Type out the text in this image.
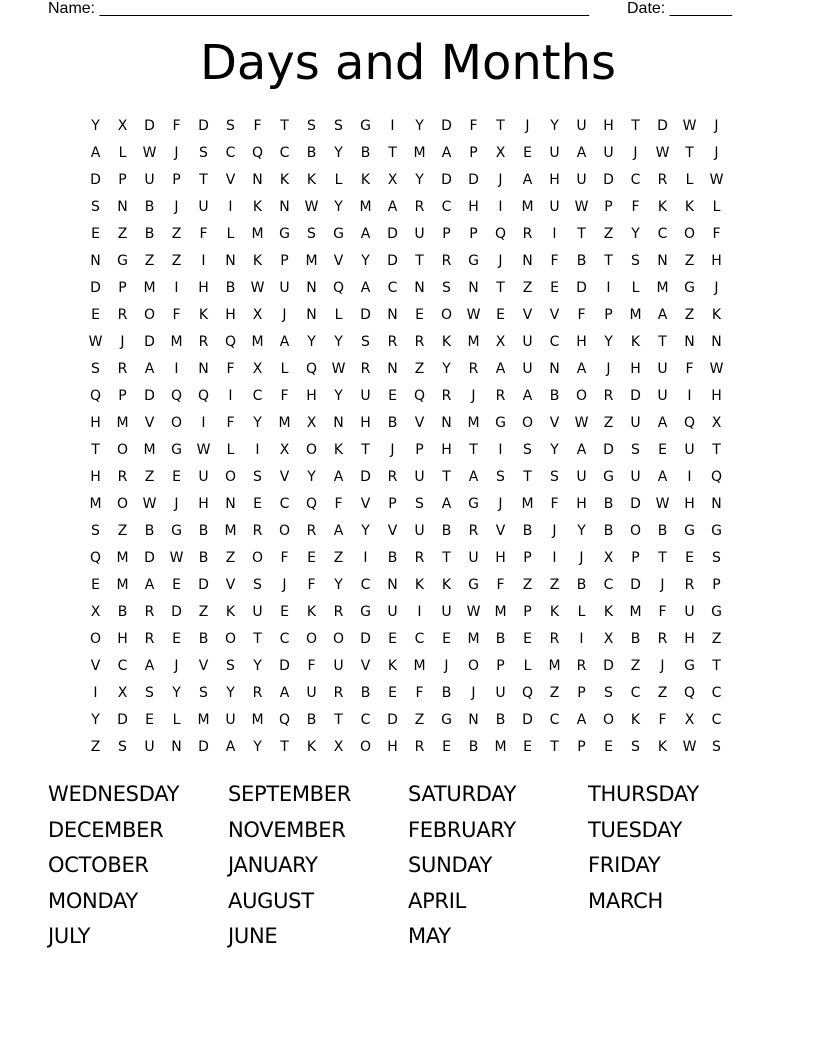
Name: _______________________________________________________ Date: _______
Days and Months
Y	X	D	F	D	S	F	T	S	S	G	I	Y	D	F	T	J	Y	U	H	T	D	W	J
A	L	W	J	S	C	Q	C	B	Y	B	T	M	A	P	X	E	U	A	U	J	W	T	J
D	P	U	P	T	V	N	K	K	L	K	X	Y	D	D	J	A	H	U	D	C	R	L	W
S	N	B	J	U	I	K	N	W	Y	M	A	R	C	H	I	M	U	W	P	F	K	K	L
E	Z	B	Z	F	L	M	G	S	G	A	D	U	P	P	Q	R	I	T	Z	Y	C	O	F
N	G	Z	Z	I	N	K	P	M	V	Y	D	T	R	G	J	N	F	B	T	S	N	Z	H
D	P	M	I	H	B	W	U	N	Q	A	C	N	S	N	T	Z	E	D	I	L	M	G	J
E	R	O	F	K	H	X	J	N	L	D	N	E	O	W	E	V	V	F	P	M	A	Z	K
W	J	D	M	R	Q	M	A	Y	Y	S	R	R	K	M	X	U	C	H	Y	K	T	N	N
S	R	A	I	N	F	X	L	Q	W	R	N	Z	Y	R	A	U	N	A	J	H	U	F	W
Q	P	D	Q	Q	I	C	F	H	Y	U	E	Q	R	J	R	A	B	O	R	D	U	I	H
H	M	V	O	I	F	Y	M	X	N	H	B	V	N	M	G	O	V	W	Z	U	A	Q	X
T	O	M	G	W	L	I	X	O	K	T	J	P	H	T	I	S	Y	A	D	S	E	U	T
H	R	Z	E	U	O	S	V	Y	A	D	R	U	T	A	S	T	S	U	G	U	A	I	Q
M	O	W	J	H	N	E	C	Q	F	V	P	S	A	G	J	M	F	H	B	D	W	H	N
S	Z	B	G	B	M	R	O	R	A	Y	V	U	B	R	V	B	J	Y	B	O	B	G	G
Q	M	D	W	B	Z	O	F	E	Z	I	B	R	T	U	H	P	I	J	X	P	T	E	S
E	M	A	E	D	V	S	J	F	Y	C	N	K	K	G	F	Z	Z	B	C	D	J	R	P
X	B	R	D	Z	K	U	E	K	R	G	U	I	U	W	M	P	K	L	K	M	F	U	G
O	H	R	E	B	O	T	C	O	O	D	E	C	E	M	B	E	R	I	X	B	R	H	Z
V	C	A	J	V	S	Y	D	F	U	V	K	M	J	O	P	L	M	R	D	Z	J	G	T
I	X	S	Y	S	Y	R	A	U	R	B	E	F	B	J	U	Q	Z	P	S	C	Z	Q	C
Y	D	E	L	M	U	M	Q	B	T	C	D	Z	G	N	B	D	C	A	O	K	F	X	C
Z	S	U	N	D	A	Y	T	K	X	O	H	R	E	B	M	E	T	P	E	S	K	W	S
WEDNESDAY	SEPTEMBER	SATURDAY	THURSDAY
DECEMBER	NOVEMBER	FEBRUARY	TUESDAY
OCTOBER	JANUARY	SUNDAY	FRIDAY
MONDAY	AUGUST	APRIL	MARCH
JULY	JUNE	MAY
